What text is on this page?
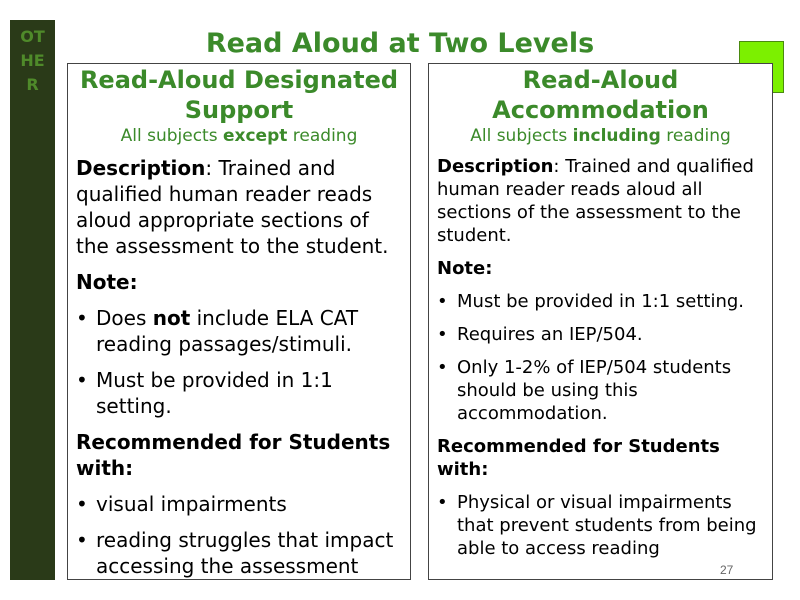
OT
HE
R
Read Aloud at Two Levels
Read-Aloud Designated Support
All subjects except reading

Description: Trained and qualified human reader reads aloud appropriate sections of the assessment to the student.

Note:

• Does not include ELA CAT reading passages/stimuli.
• Must be provided in 1:1 setting.

Recommended for Students with:

• visual impairments
• reading struggles that impact accessing the assessment
Read-Aloud Accommodation
All subjects including reading

Description: Trained and qualified human reader reads aloud all sections of the assessment to the student.

Note:

• Must be provided in 1:1 setting.
• Requires an IEP/504.
• Only 1-2% of IEP/504 students should be using this accommodation.

Recommended for Students with:

• Physical or visual impairments that prevent students from being able to access reading
27
